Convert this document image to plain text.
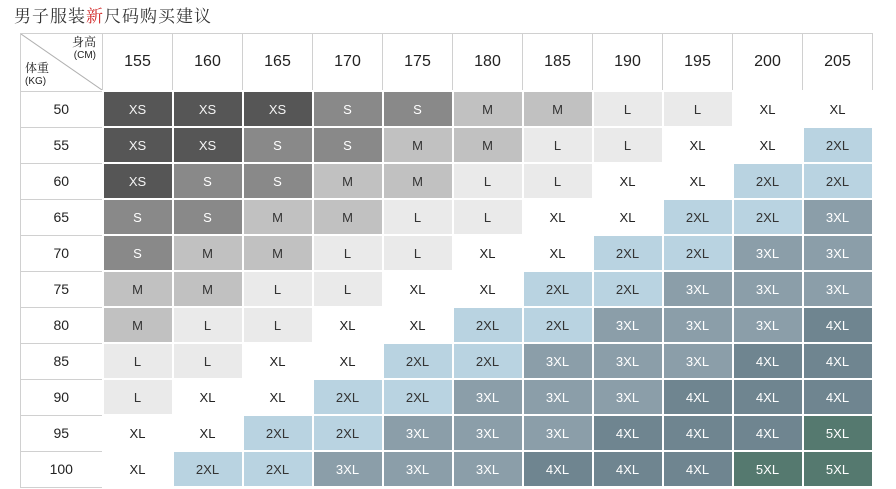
男子服装新尺码购买建议
身高
(CM)
体重
(KG)	155	160	165	170	175	180	185	190	195	200	205
50	XS	XS	XS	S	S	M	M	L	L	XL	XL
55	XS	XS	S	S	M	M	L	L	XL	XL	2XL
60	XS	S	S	M	M	L	L	XL	XL	2XL	2XL
65	S	S	M	M	L	L	XL	XL	2XL	2XL	3XL
70	S	M	M	L	L	XL	XL	2XL	2XL	3XL	3XL
75	M	M	L	L	XL	XL	2XL	2XL	3XL	3XL	3XL
80	M	L	L	XL	XL	2XL	2XL	3XL	3XL	3XL	4XL
85	L	L	XL	XL	2XL	2XL	3XL	3XL	3XL	4XL	4XL
90	L	XL	XL	2XL	2XL	3XL	3XL	3XL	4XL	4XL	4XL
95	XL	XL	2XL	2XL	3XL	3XL	3XL	4XL	4XL	4XL	5XL
100	XL	2XL	2XL	3XL	3XL	3XL	4XL	4XL	4XL	5XL	5XL
